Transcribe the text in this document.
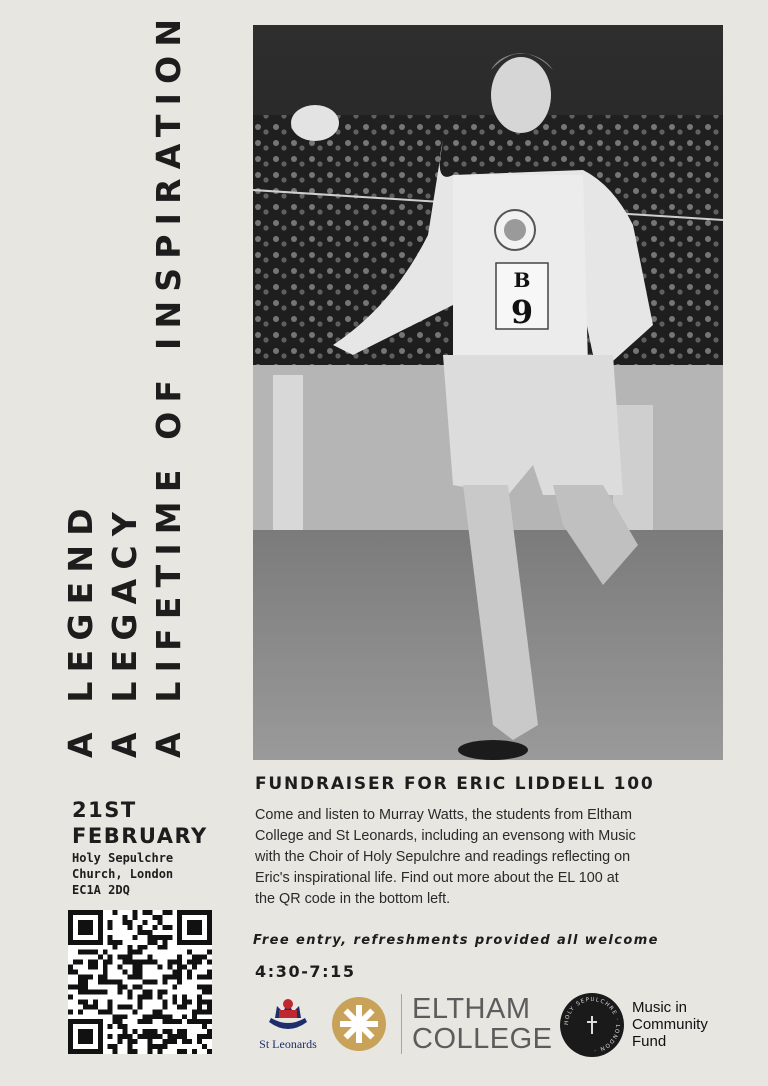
A LEGEND A LEGACY A LIFETIME OF INSPIRATION	B
9
21ST
FEBRUARY
Holy Sepulchre
Church, London
EC1A 2DQ
FUNDRAISER FOR ERIC LIDDELL 100
Come and listen to Murray Watts, the students from Eltham
College and St Leonards, including an evensong with Music
with the Choir of Holy Sepulchre and readings reflecting on
Eric's inspirational life. Find out more about the EL 100 at
the QR code in the bottom left.
Free entry, refreshments provided all welcome
4:30-7:15
St Leonards
ELTHAM
COLLEGE
HOLY SEPULCHRE · LONDON ·
Music in
Community
Fund
